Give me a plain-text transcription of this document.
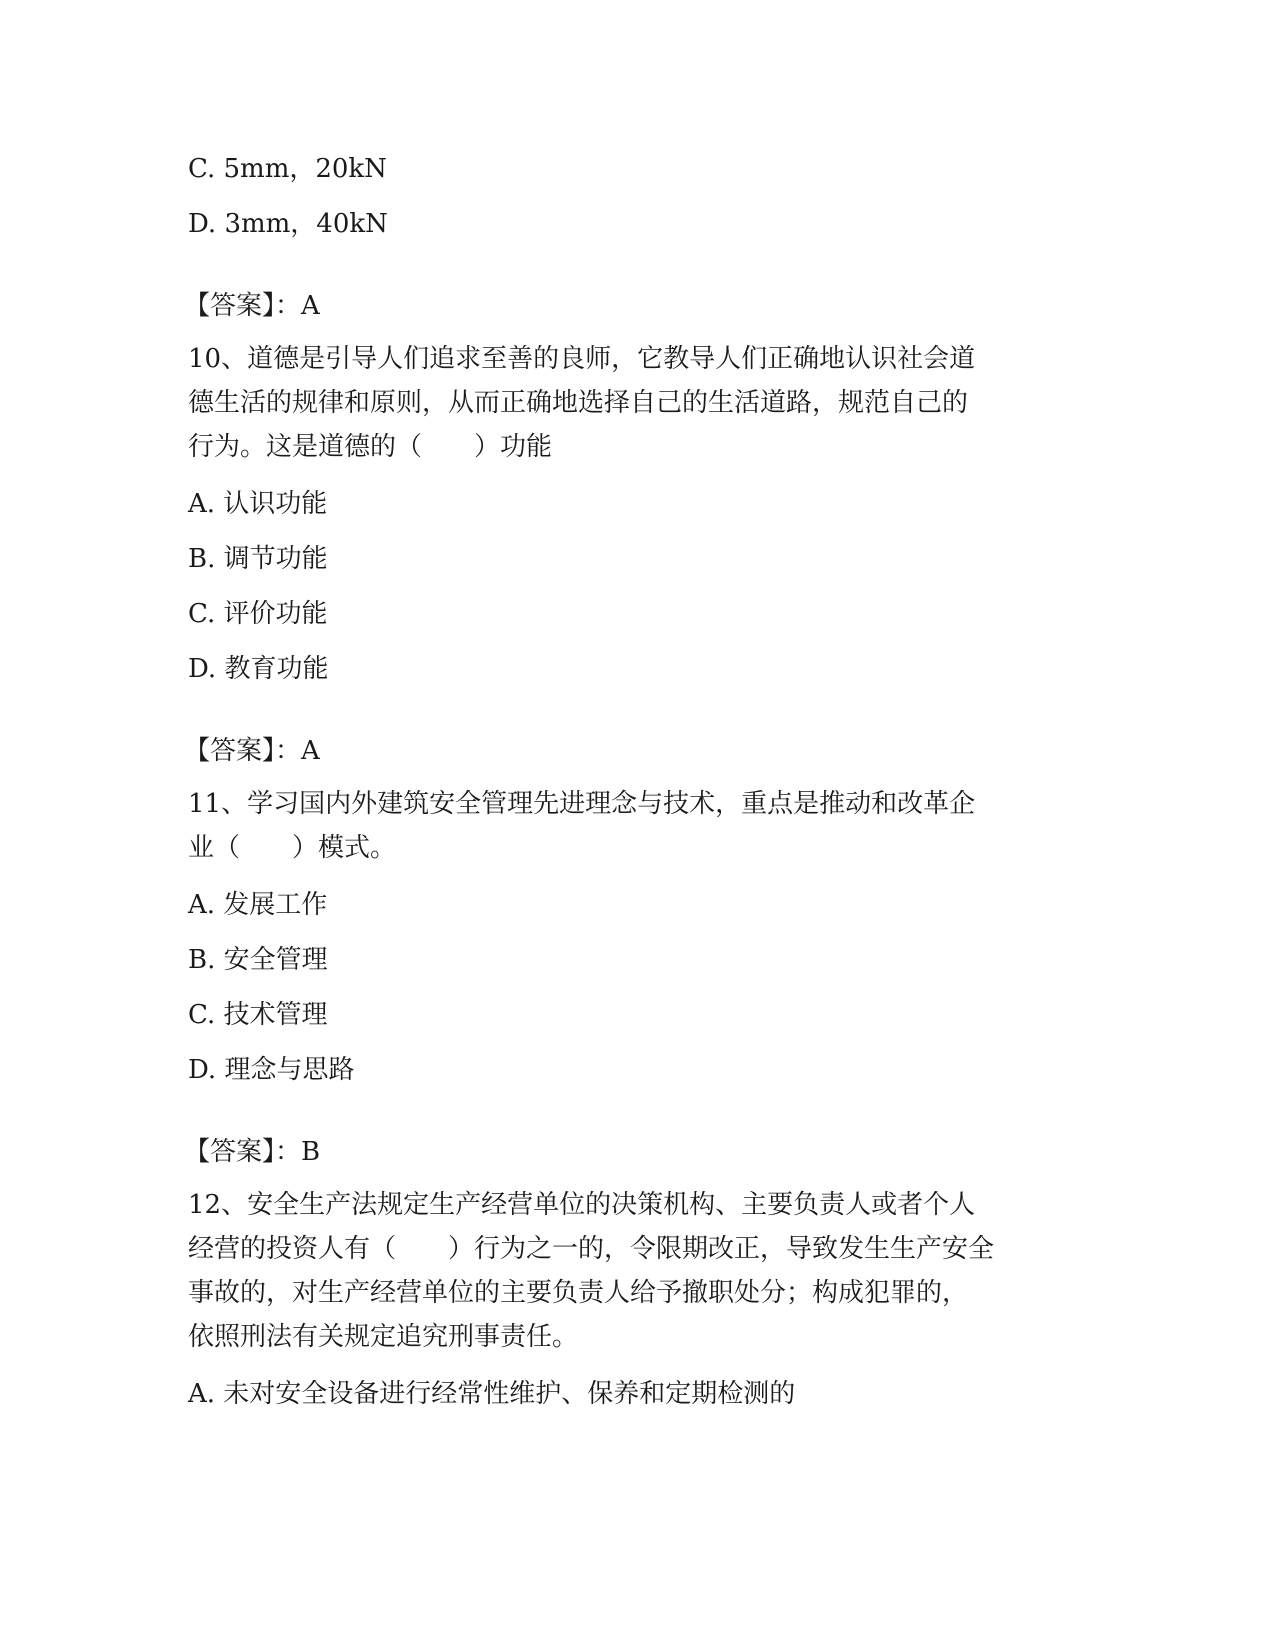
C. 5mm，20kN
D. 3mm，40kN
【答案】：A
10、道德是引导人们追求至善的良师，它教导人们正确地认识社会道
德生活的规律和原则，从而正确地选择自己的生活道路，规范自己的
行为。这是道德的（　　）功能
A. 认识功能
B. 调节功能
C. 评价功能
D. 教育功能
【答案】：A
11、学习国内外建筑安全管理先进理念与技术，重点是推动和改革企
业（　　）模式。
A. 发展工作
B. 安全管理
C. 技术管理
D. 理念与思路
【答案】：B
12、安全生产法规定生产经营单位的决策机构、主要负责人或者个人
经营的投资人有（　　）行为之一的，令限期改正，导致发生生产安全
事故的，对生产经营单位的主要负责人给予撤职处分；构成犯罪的，
依照刑法有关规定追究刑事责任。
A. 未对安全设备进行经常性维护、保养和定期检测的
